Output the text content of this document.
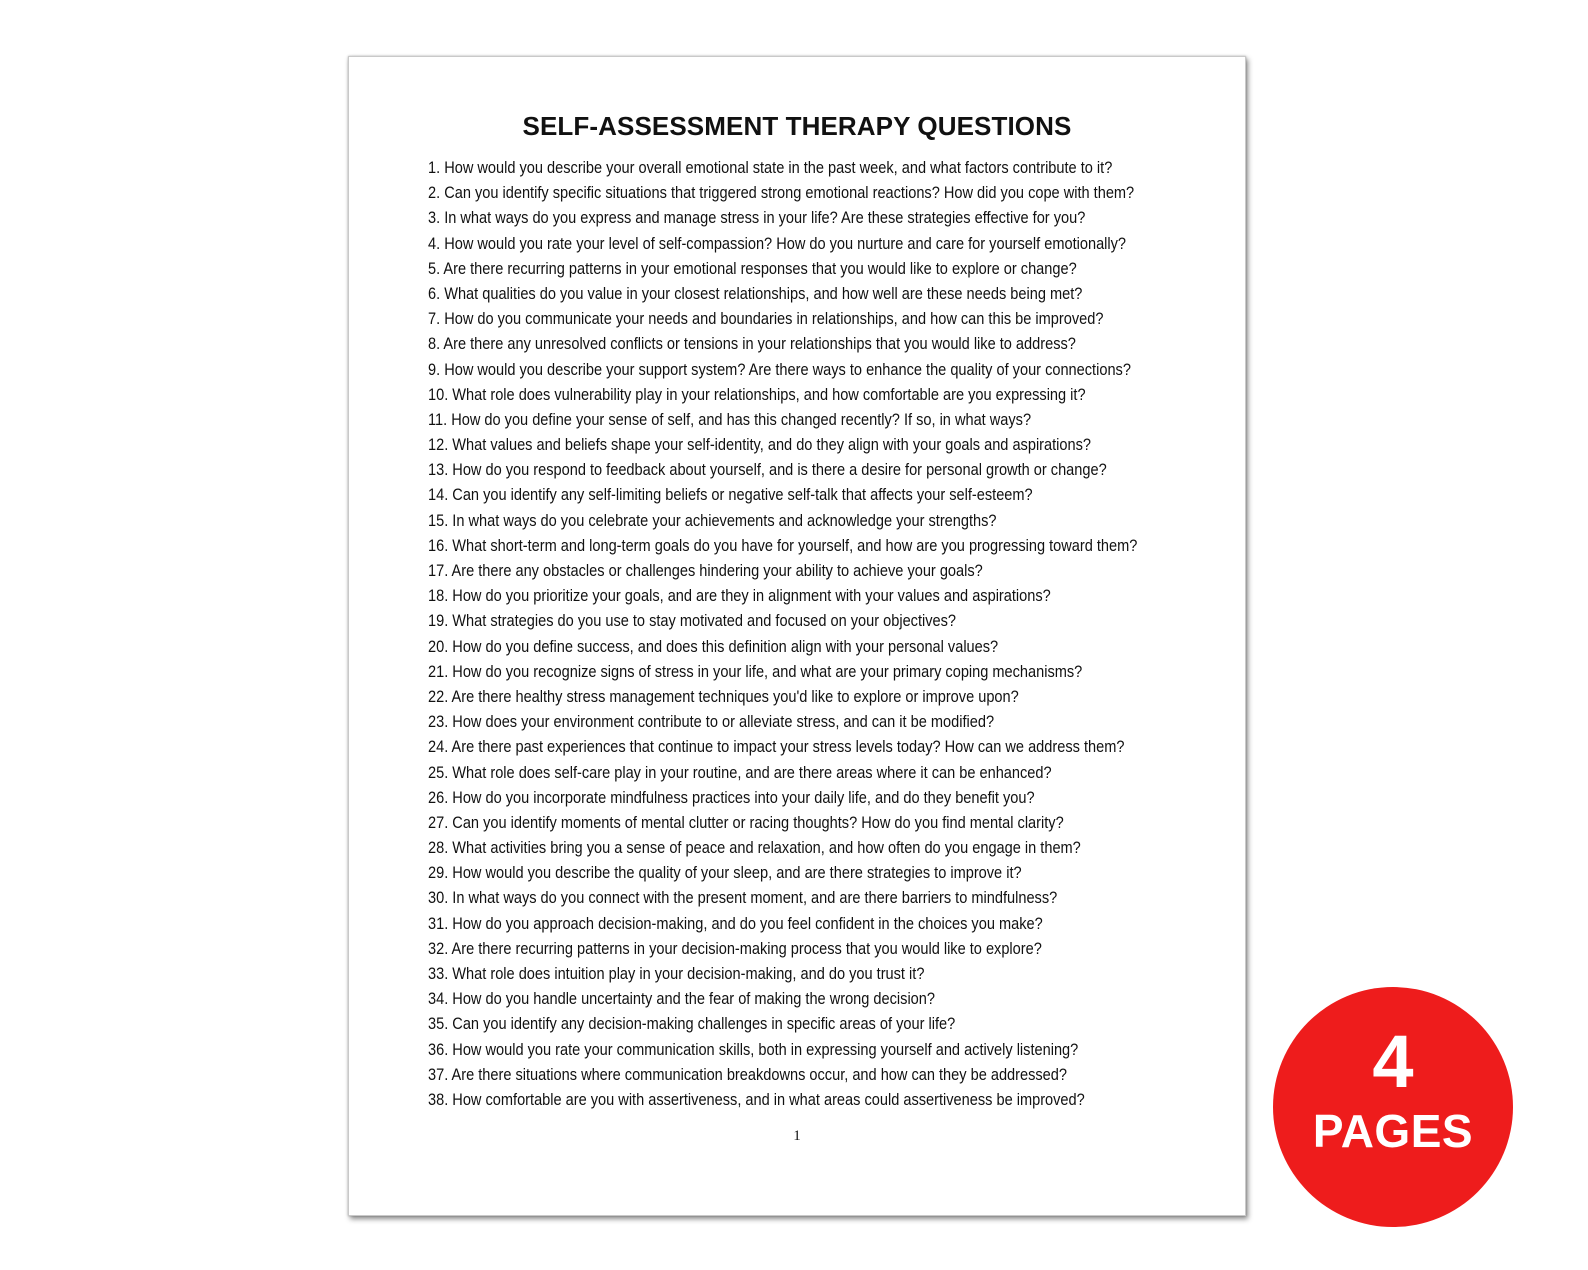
SELF-ASSESSMENT THERAPY QUESTIONS
1. How would you describe your overall emotional state in the past week, and what factors contribute to it?
2. Can you identify specific situations that triggered strong emotional reactions? How did you cope with them?
3. In what ways do you express and manage stress in your life? Are these strategies effective for you?
4. How would you rate your level of self-compassion? How do you nurture and care for yourself emotionally?
5. Are there recurring patterns in your emotional responses that you would like to explore or change?
6. What qualities do you value in your closest relationships, and how well are these needs being met?
7. How do you communicate your needs and boundaries in relationships, and how can this be improved?
8. Are there any unresolved conflicts or tensions in your relationships that you would like to address?
9. How would you describe your support system? Are there ways to enhance the quality of your connections?
10. What role does vulnerability play in your relationships, and how comfortable are you expressing it?
11. How do you define your sense of self, and has this changed recently? If so, in what ways?
12. What values and beliefs shape your self-identity, and do they align with your goals and aspirations?
13. How do you respond to feedback about yourself, and is there a desire for personal growth or change?
14. Can you identify any self-limiting beliefs or negative self-talk that affects your self-esteem?
15. In what ways do you celebrate your achievements and acknowledge your strengths?
16. What short-term and long-term goals do you have for yourself, and how are you progressing toward them?
17. Are there any obstacles or challenges hindering your ability to achieve your goals?
18. How do you prioritize your goals, and are they in alignment with your values and aspirations?
19. What strategies do you use to stay motivated and focused on your objectives?
20. How do you define success, and does this definition align with your personal values?
21. How do you recognize signs of stress in your life, and what are your primary coping mechanisms?
22. Are there healthy stress management techniques you'd like to explore or improve upon?
23. How does your environment contribute to or alleviate stress, and can it be modified?
24. Are there past experiences that continue to impact your stress levels today? How can we address them?
25. What role does self-care play in your routine, and are there areas where it can be enhanced?
26. How do you incorporate mindfulness practices into your daily life, and do they benefit you?
27. Can you identify moments of mental clutter or racing thoughts? How do you find mental clarity?
28. What activities bring you a sense of peace and relaxation, and how often do you engage in them?
29. How would you describe the quality of your sleep, and are there strategies to improve it?
30. In what ways do you connect with the present moment, and are there barriers to mindfulness?
31. How do you approach decision-making, and do you feel confident in the choices you make?
32. Are there recurring patterns in your decision-making process that you would like to explore?
33. What role does intuition play in your decision-making, and do you trust it?
34. How do you handle uncertainty and the fear of making the wrong decision?
35. Can you identify any decision-making challenges in specific areas of your life?
36. How would you rate your communication skills, both in expressing yourself and actively listening?
37. Are there situations where communication breakdowns occur, and how can they be addressed?
38. How comfortable are you with assertiveness, and in what areas could assertiveness be improved?
1
4
PAGES
